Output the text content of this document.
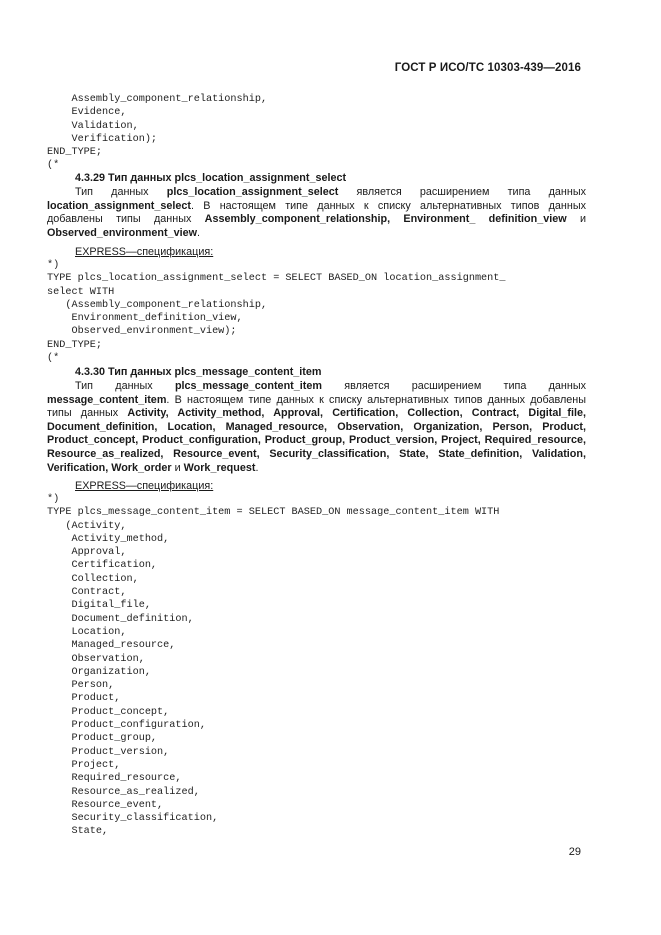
ГОСТ Р ИСО/ТС 10303-439—2016
Assembly_component_relationship,
Evidence,
Validation,
Verification);
END_TYPE;
(*
4.3.29 Тип данных plcs_location_assignment_select

Тип данных plcs_location_assignment_select является расширением типа данных location_assignment_select. В настоящем типе данных к списку альтернативных типов данных добавлены типы данных Assembly_component_relationship, Environment_ definition_view и Observed_environment_view.

EXPRESS—спецификация:
*)
TYPE plcs_location_assignment_select = SELECT BASED_ON location_assignment_
select WITH
(Assembly_component_relationship,
Environment_definition_view,
Observed_environment_view);
END_TYPE;
(*
4.3.30 Тип данных plcs_message_content_item

Тип данных plcs_message_content_item является расширением типа данных message_content_item. В настоящем типе данных к списку альтернативных типов данных добавлены типы данных Activity, Activity_method, Approval, Certification, Collection, Contract, Digital_file, Document_definition, Location, Managed_resource, Observation, Organization, Person, Product, Product_concept, Product_configuration, Product_group, Product_version, Project, Required_resource, Resource_as_realized, Resource_event, Security_classification, State, State_definition, Validation, Verification, Work_order и Work_request.

EXPRESS—спецификация:
*)
TYPE plcs_message_content_item = SELECT BASED_ON message_content_item WITH
(Activity,
Activity_method,
Approval,
Certification,
Collection,
Contract,
Digital_file,
Document_definition,
Location,
Managed_resource,
Observation,
Organization,
Person,
Product,
Product_concept,
Product_configuration,
Product_group,
Product_version,
Project,
Required_resource,
Resource_as_realized,
Resource_event,
Security_classification,
State,
29
